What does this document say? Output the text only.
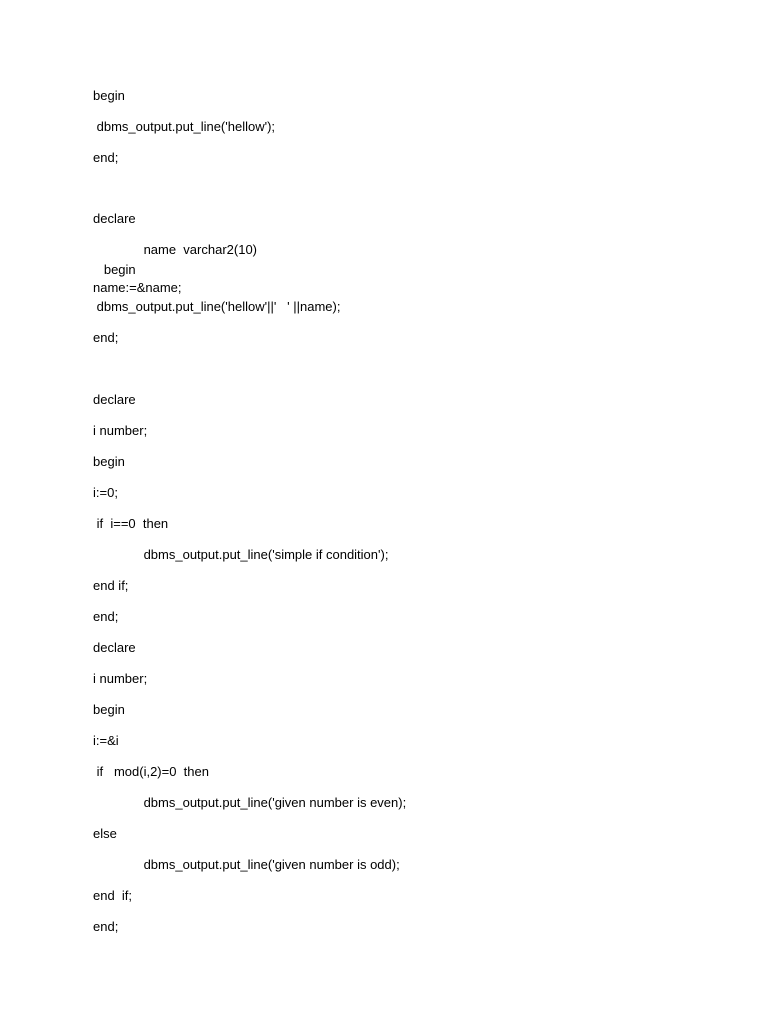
begin
dbms_output.put_line('hellow');
end;
declare
name  varchar2(10)
begin
name:=&name;
dbms_output.put_line('hellow'||'   ' ||name);
end;
declare
i number;
begin
i:=0;
if  i==0  then
dbms_output.put_line('simple if condition');
end if;
end;
declare
i number;
begin
i:=&i
if   mod(i,2)=0  then
dbms_output.put_line('given number is even);
else
dbms_output.put_line('given number is odd);
end  if;
end;
